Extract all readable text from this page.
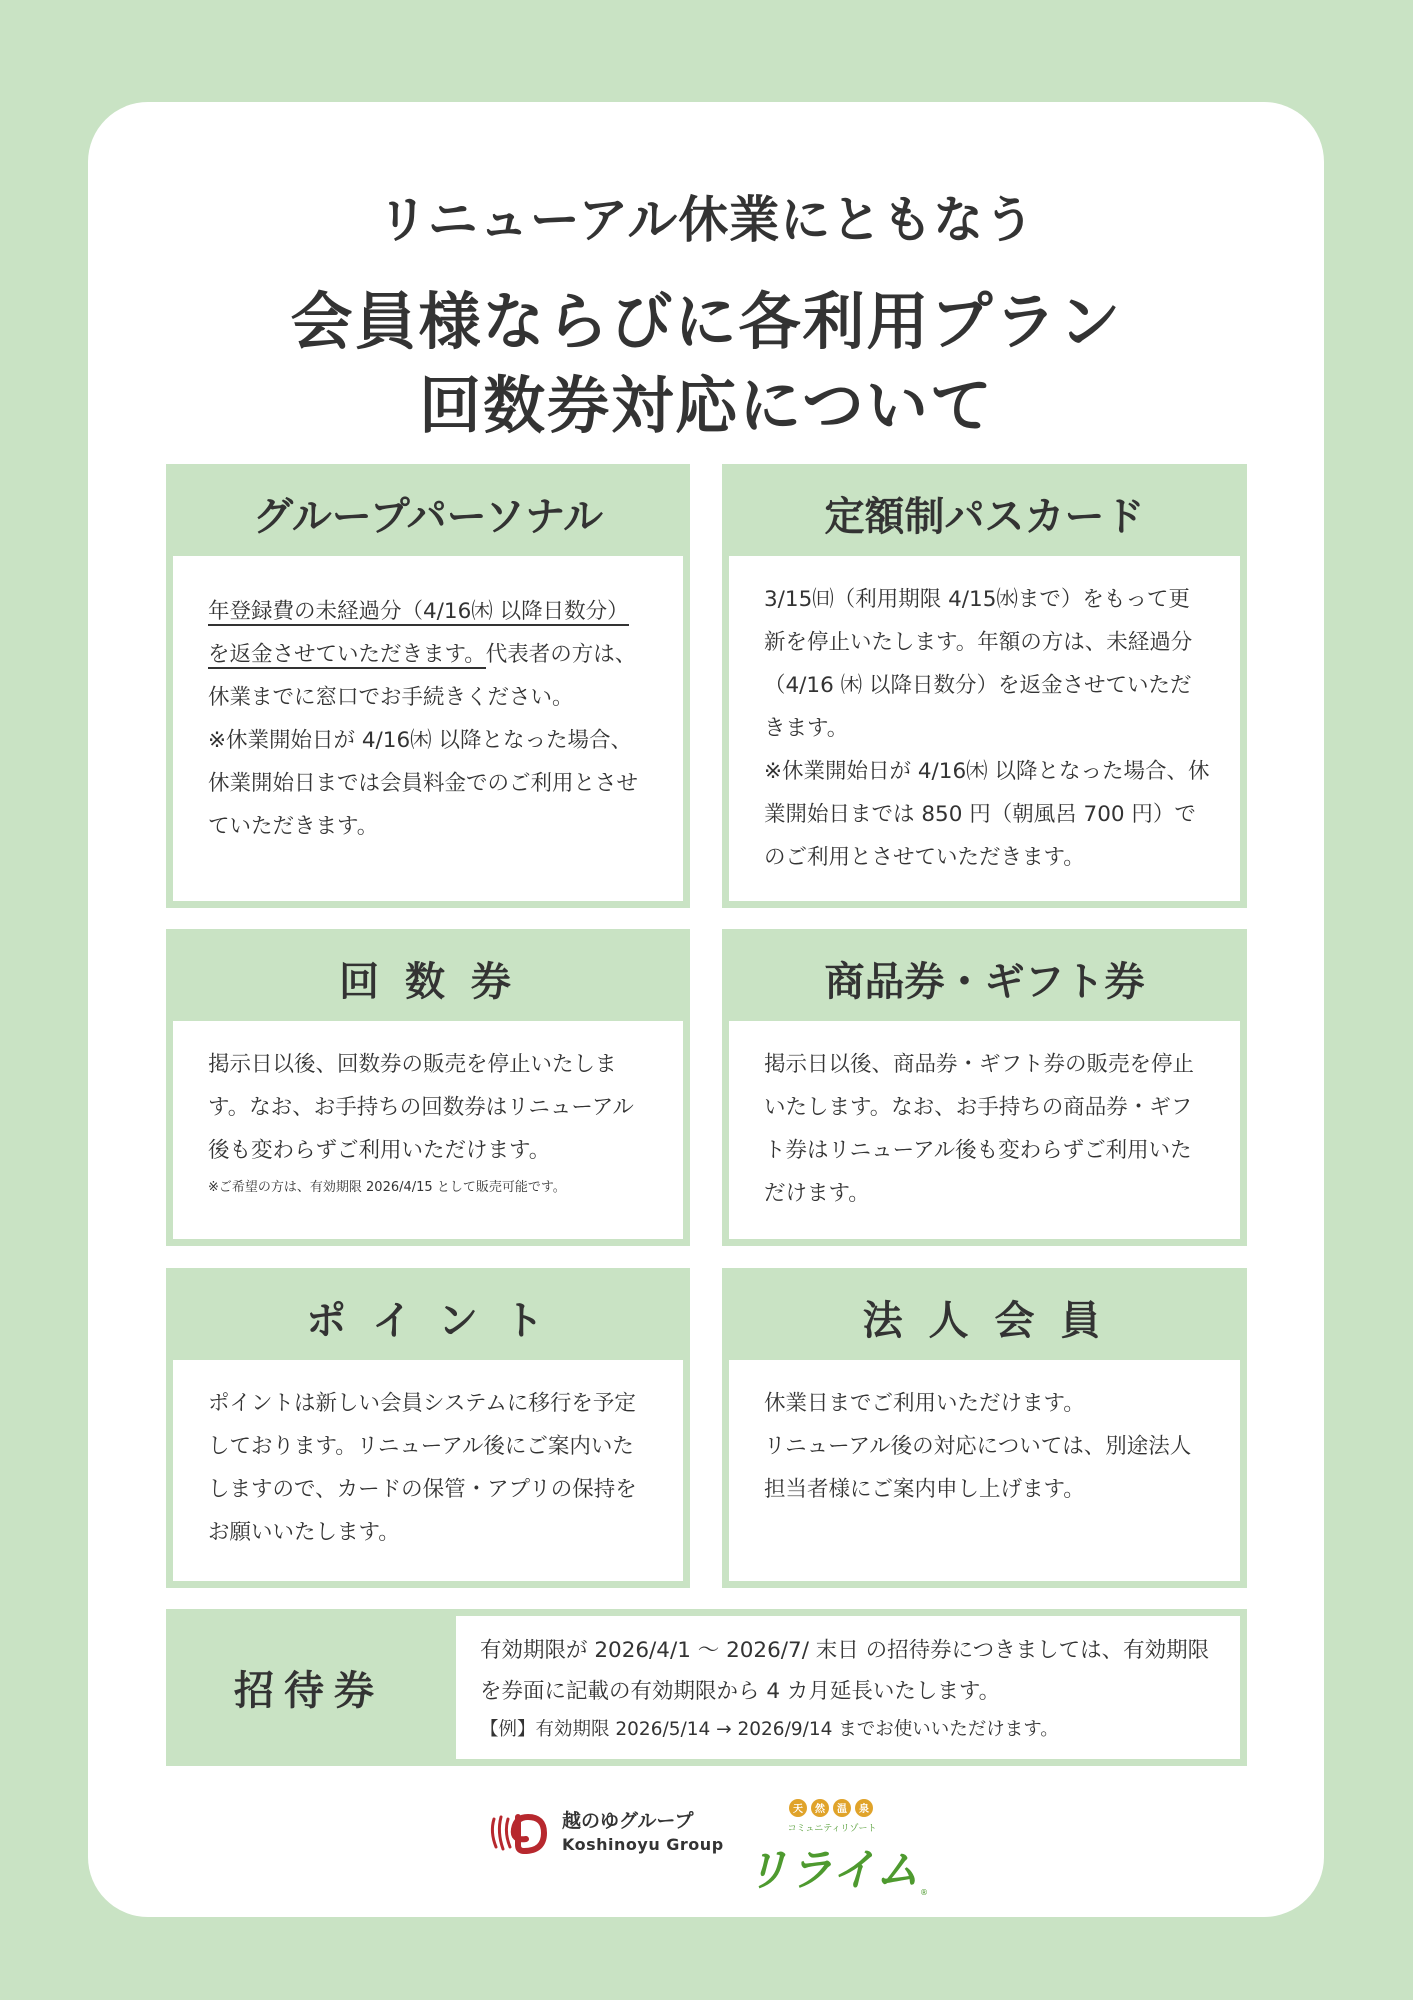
リニューアル休業にともなう
会員様ならびに各利用プラン
回数券対応について
グループパーソナル

年登録費の未経過分（4/16㈭ 以降日数分）
を返金させていただきます。代表者の方は、休業までに窓口でお手続きください。

※休業開始日が 4/16㈭ 以降となった場合、休業開始日までは会員料金でのご利用とさせていただきます。

定額制パスカード

3/15㈰（利用期限 4/15㈬まで）をもって更新を停止いたします。年額の方は、未経過分（4/16 ㈭ 以降日数分）を返金させていただきます。

※休業開始日が 4/16㈭ 以降となった場合、休業開始日までは 850 円（朝風呂 700 円）でのご利用とさせていただきます。

回 数 券

掲示日以後、回数券の販売を停止いたします。なお、お手持ちの回数券はリニューアル後も変わらずご利用いただけます。

※ご希望の方は、有効期限 2026/4/15 として販売可能です。

商品券・ギフト券

掲示日以後、商品券・ギフト券の販売を停止いたします。なお、お手持ちの商品券・ギフト券はリニューアル後も変わらずご利用いただけます。

ポ イ ン ト

ポイントは新しい会員システムに移行を予定しております。リニューアル後にご案内いたしますので、カードの保管・アプリの保持をお願いいたします。

法 人 会 員

休業日までご利用いただけます。

リニューアル後の対応については、別途法人担当者様にご案内申し上げます。

招待券

有効期限が 2026/4/1 ～ 2026/7/ 末日 の招待券につきましては、有効期限を券面に記載の有効期限から 4 カ月延長いたします。

【例】有効期限 2026/5/14 → 2026/9/14 までお使いいただけます。

越のゆグループ
Koshinoyu Group
天 然 温 泉
コミュニティリゾート
リライム ®
